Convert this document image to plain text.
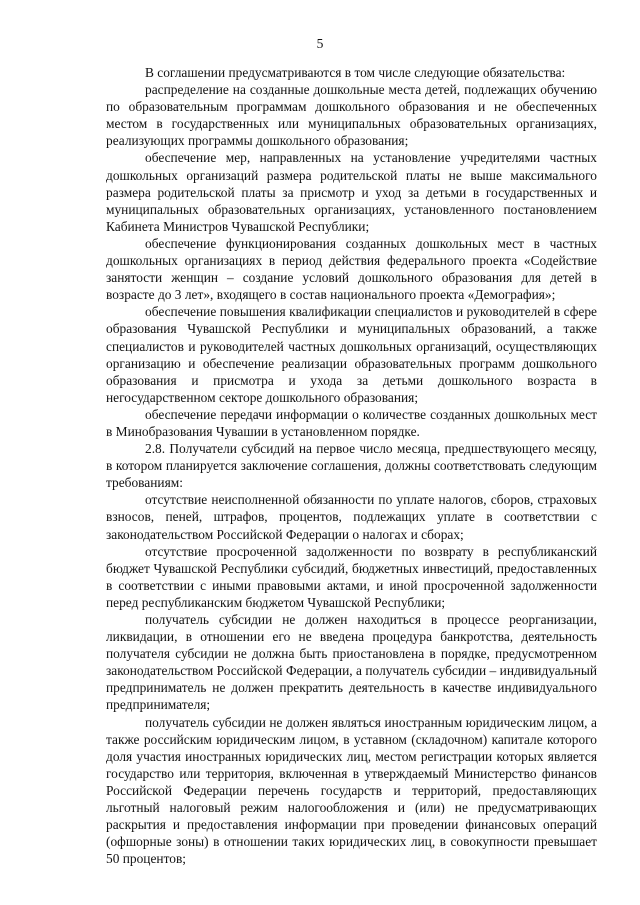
5

В соглашении предусматриваются в том числе следующие обязательства:

распределение на созданные дошкольные места детей, подлежащих обучению по образовательным программам дошкольного образования и не обеспеченных местом в государственных или муниципальных образовательных организациях, реализующих программы дошкольного образования;

обеспечение мер, направленных на установление учредителями частных дошкольных организаций размера родительской платы не выше максимального размера родительской платы за присмотр и уход за детьми в государственных и муниципальных образовательных организациях, установленного постановлением Кабинета Министров Чувашской Республики;

обеспечение функционирования созданных дошкольных мест в частных дошкольных организациях в период действия федерального проекта «Содействие занятости женщин – создание условий дошкольного образования для детей в возрасте до 3 лет», входящего в состав национального проекта «Демография»;

обеспечение повышения квалификации специалистов и руководителей в сфере образования Чувашской Республики и муниципальных образований, а также специалистов и руководителей частных дошкольных организаций, осуществляющих организацию и обеспечение реализации образовательных программ дошкольного образования и присмотра и ухода за детьми дошкольного возраста в негосударственном секторе дошкольного образования;

обеспечение передачи информации о количестве созданных дошкольных мест в Минобразования Чувашии в установленном порядке.

2.8. Получатели субсидий на первое число месяца, предшествующего месяцу, в котором планируется заключение соглашения, должны соответствовать следующим требованиям:

отсутствие неисполненной обязанности по уплате налогов, сборов, страховых взносов, пеней, штрафов, процентов, подлежащих уплате в соответствии с законодательством Российской Федерации о налогах и сборах;

отсутствие просроченной задолженности по возврату в республиканский бюджет Чувашской Республики субсидий, бюджетных инвестиций, предоставленных в соответствии с иными правовыми актами, и иной просроченной задолженности перед республиканским бюджетом Чувашской Республики;

получатель субсидии не должен находиться в процессе реорганизации, ликвидации, в отношении его не введена процедура банкротства, деятельность получателя субсидии не должна быть приостановлена в порядке, предусмотренном законодательством Российской Федерации, а получатель субсидии – индивидуальный предприниматель не должен прекратить деятельность в качестве индивидуального предпринимателя;

получатель субсидии не должен являться иностранным юридическим лицом, а также российским юридическим лицом, в уставном (складочном) капитале которого доля участия иностранных юридических лиц, местом регистрации которых является государство или территория, включенная в утверждаемый Министерство финансов Российской Федерации перечень государств и территорий, предоставляющих льготный налоговый режим налогообложения и (или) не предусматривающих раскрытия и предоставления информации при проведении финансовых операций (офшорные зоны) в отношении таких юридических лиц, в совокупности превышает 50 процентов;
